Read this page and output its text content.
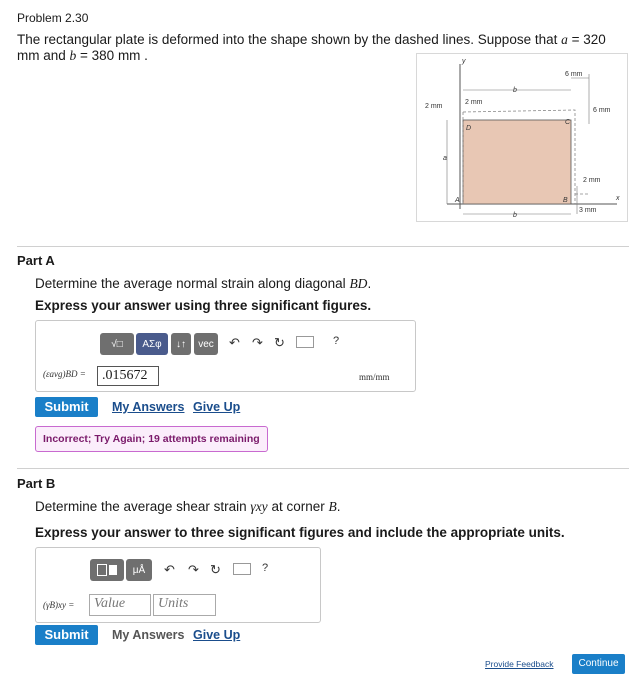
Problem 2.30
The rectangular plate is deformed into the shape shown by the dashed lines. Suppose that a = 320
mm and b = 380 mm .
6 mm
2 mm
2 mm
6 mm
2 mm
3 mm
b
b
a
y
x
D
C
A	B
Part A
Determine the average normal strain along diagonal BD.
Express your answer using three significant figures.
√□	ΑΣφ	↓↑	vec	↶ ↷ ↻	?
(εavg)BD =	.015672	mm/mm
Submit	My Answers Give Up
Incorrect; Try Again; 19 attempts remaining
Part B
Determine the average shear strain γxy at corner B.
Express your answer to three significant figures and include the appropriate units.
μÅ	↶ ↷ ↻	?
(γB)xy =	Value	Units
Submit	My Answers Give Up
Provide Feedback	Continue
